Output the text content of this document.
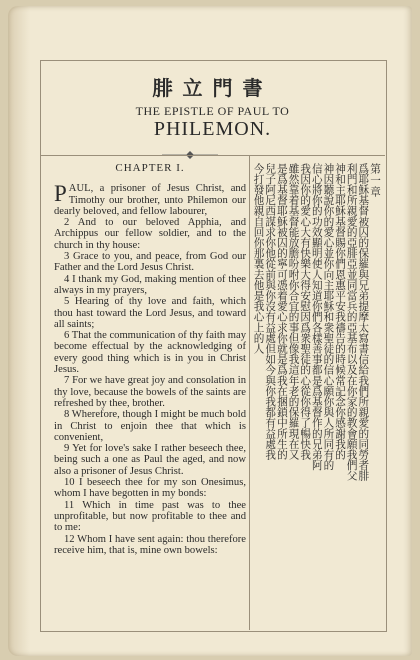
腓立門書
THE EPISTLE OF PAUL TO
PHILEMON.
CHAPTER I.

PAUL, a prisoner of Jesus Christ, and Timothy our brother, unto Philemon our dearly beloved, and fellow labourer,

2 And to our beloved Apphia, and Archippus our fellow soldier, and to the church in thy house:

3 Grace to you, and peace, from God our Father and the Lord Jesus Christ.

4 I thank my God, making mention of thee always in my prayers,

5 Hearing of thy love and faith, which thou hast toward the Lord Jesus, and toward all saints;

6 That the communication of thy faith may become effectual by the acknowledging of every good thing which is in you in Christ Jesus.

7 For we have great joy and consolation in thy love, because the bowels of the saints are refreshed by thee, brother.

8 Wherefore, though I might be much bold in Christ to enjoin thee that which is convenient,

9 Yet for love's sake I rather beseech thee, being such a one as Paul the aged, and now also a prisoner of Jesus Christ.

10 I beseech thee for my son Onesimus, whom I have begotten in my bonds:

11 Which in time past was to thee unprofitable, but now profitable to thee and to me:

12 Whom I have sent again: thou therefore receive him, that is, mine own bowels:

第一章
爲耶穌基督被囚的保羅與兄弟提摩太寫書信給我們所親愛的同勞者腓
利門和所親愛的亞腓亞並同當兵的亞基布以及在你家的教會願我們父
神和主耶穌基督賜你們恩惠平安我禱告的時候常記念你感謝我的
神因聽說你的愛心並你向主耶穌和衆聖徒的信心願你與人所同有的
信心將你的功效顯明使人知道你們各樣善事都是爲基督作的兄弟阿
我因你的愛心大有快樂大得安慰因爲衆聖徒的心從你得了暢快我
雖然靠着基督能放膽吩咐你合宜的事但像我這年老的保羅現在又
是爲基督耶穌被囚的寧可憑着愛心求你就是爲我在捆鎖中所生的
兒子阿尼西謀求你他從前與你沒有益處但如今與你我都有益處我
今打發他親自回你那裏去他是我心上的人
